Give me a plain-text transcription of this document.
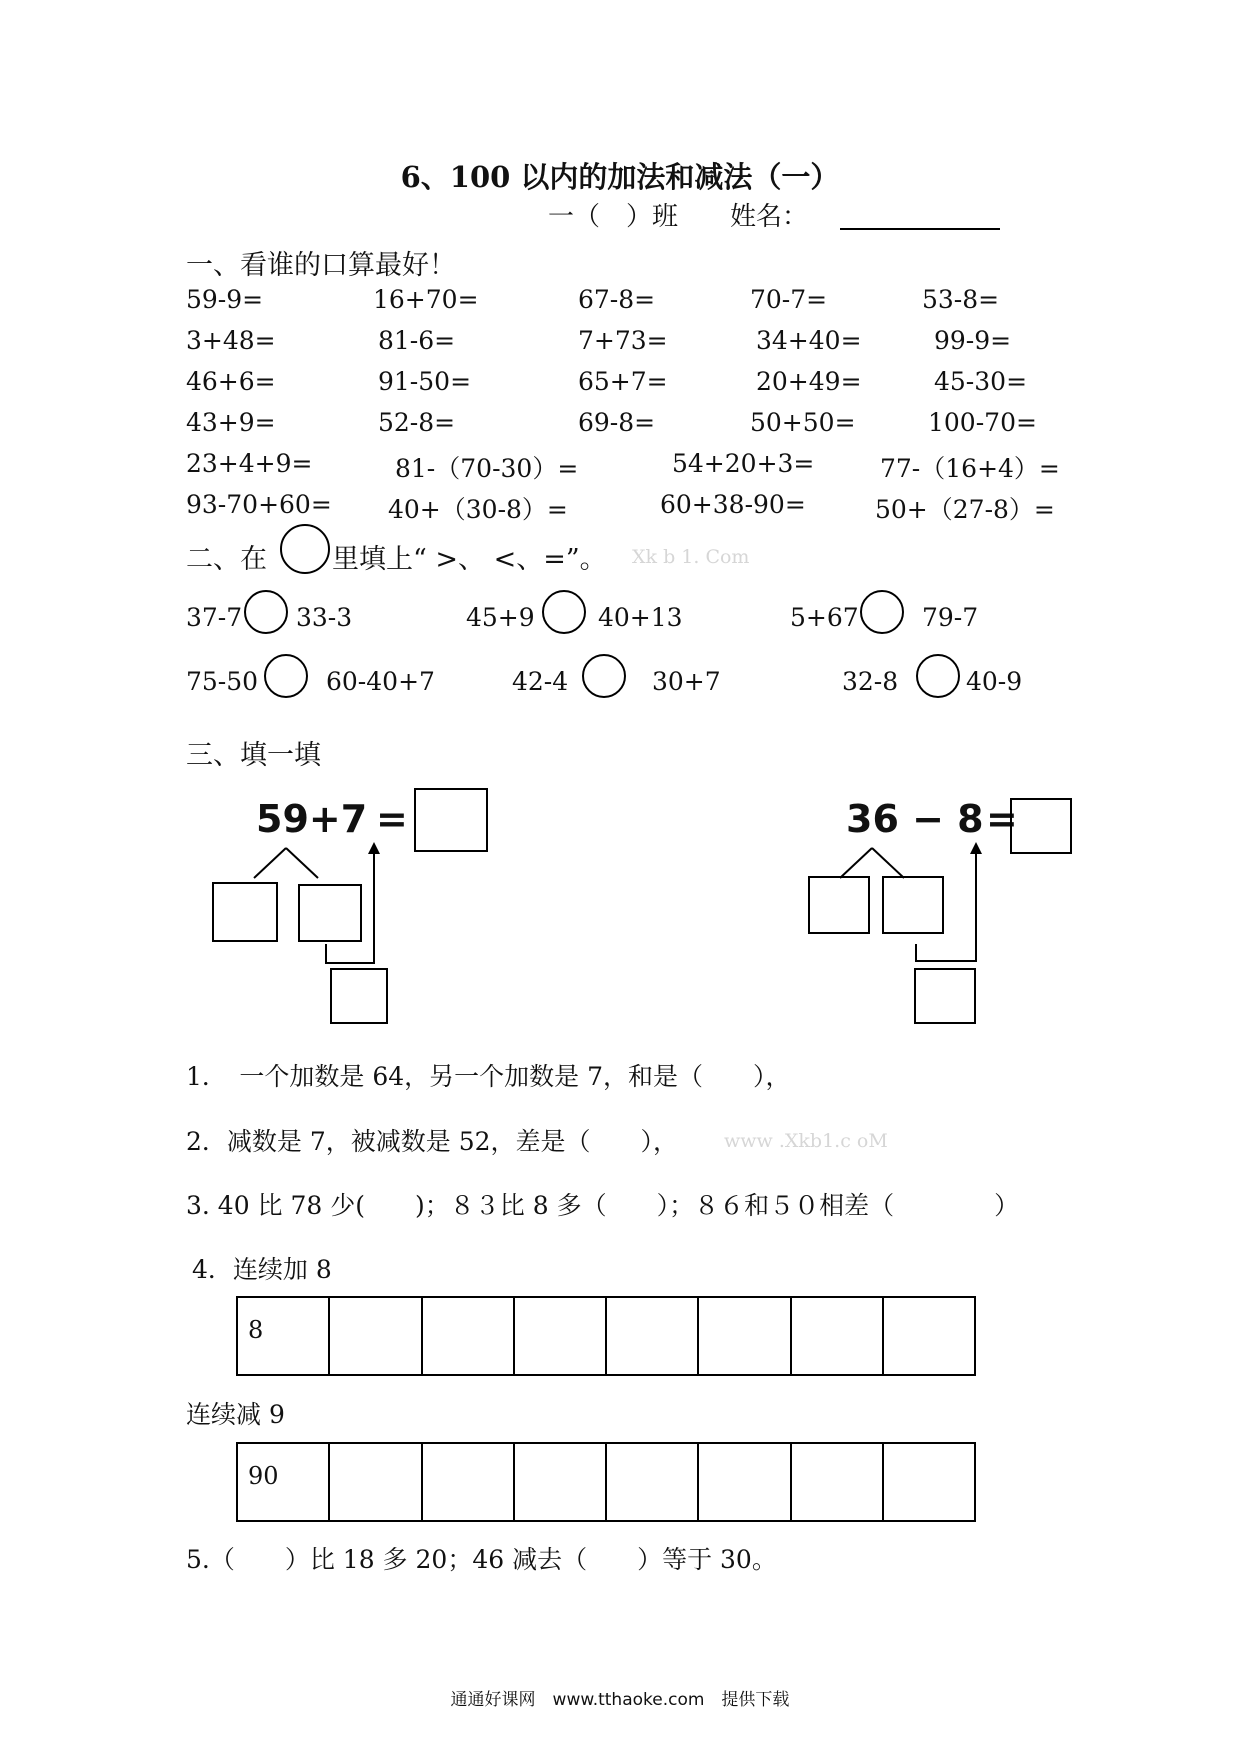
6、100 以内的加法和减法（一）
一（　）班　　姓名：
一、看谁的口算最好！
59-9=	16+70=	67-8=	70-7=	53-8=
3+48=	81-6=	7+73=	34+40=	99-9=
46+6=	91-50=	65+7=	20+49=	45-30=
43+9=	52-8=	69-8=	50+50=	100-70=
23+4+9=	81-（70-30）=	54+20+3=	77-（16+4）=
93-70+60= 40+（30-8）=	60+38-90=	50+（27-8）=
二、在 里填上“ >、 <、=”。 Xk b 1. Com
37-7 33-3	45+9	40+13	5+67	79-7
75-50	60-40+7	42-4	30+7	32-8	40-9
三、填一填
59+7 =	36 − 8 =
1．　一个加数是 64，另一个加数是 7，和是（　　），
2．减数是 7，被减数是 52，差是（　　）， www .Xkb1.c oM
3. 40 比 78 少(　　)；８３比 8 多（　　）；８６和５０相差（　　　　）
4．连续加 8
8

连续减 9
90

5.（　　）比 18 多 20；46 减去（　　）等于 30。
通通好课网　www.tthaoke.com　提供下载
